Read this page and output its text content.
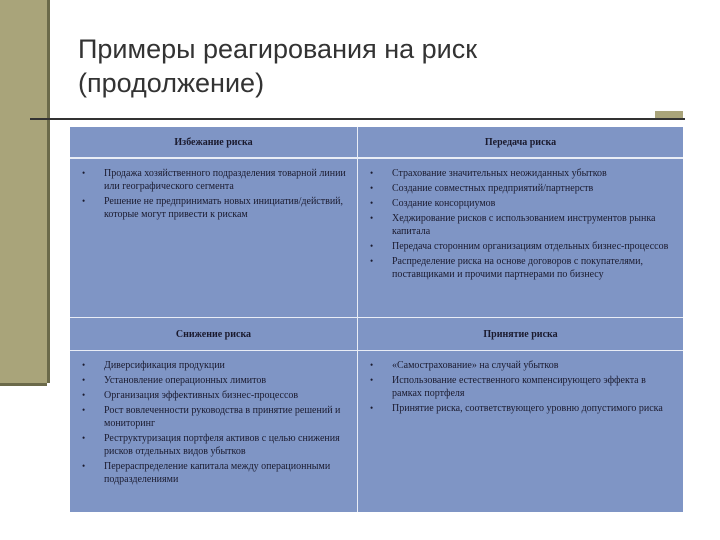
Примеры реагирования на риск
(продолжение)
Избежание риска	Передача риска
• Продажа хозяйственного подразделения товарной линии или географического сегмента
• Решение не предпринимать новых инициатив/действий, которые могут привести к рискам
• Страхование значительных неожиданных убытков
• Создание совместных предприятий/партнерств
• Создание консорциумов
• Хеджирование рисков с использованием инструментов рынка капитала
• Передача сторонним организациям отдельных бизнес-процессов
• Распределение риска на основе договоров с покупателями, поставщиками и прочими партнерами по бизнесу
Снижение риска	Принятие риска
• Диверсификация продукции
• Установление операционных лимитов
• Организация эффективных бизнес-процессов
• Рост вовлеченности руководства в принятие решений и мониторинг
• Реструктуризация портфеля активов с целью снижения рисков отдельных видов убытков
• Перераспределение капитала между операционными подразделениями
• «Самострахование» на случай убытков
• Использование естественного компенсирующего эффекта в рамках портфеля
• Принятие риска, соответствующего уровню допустимого риска
